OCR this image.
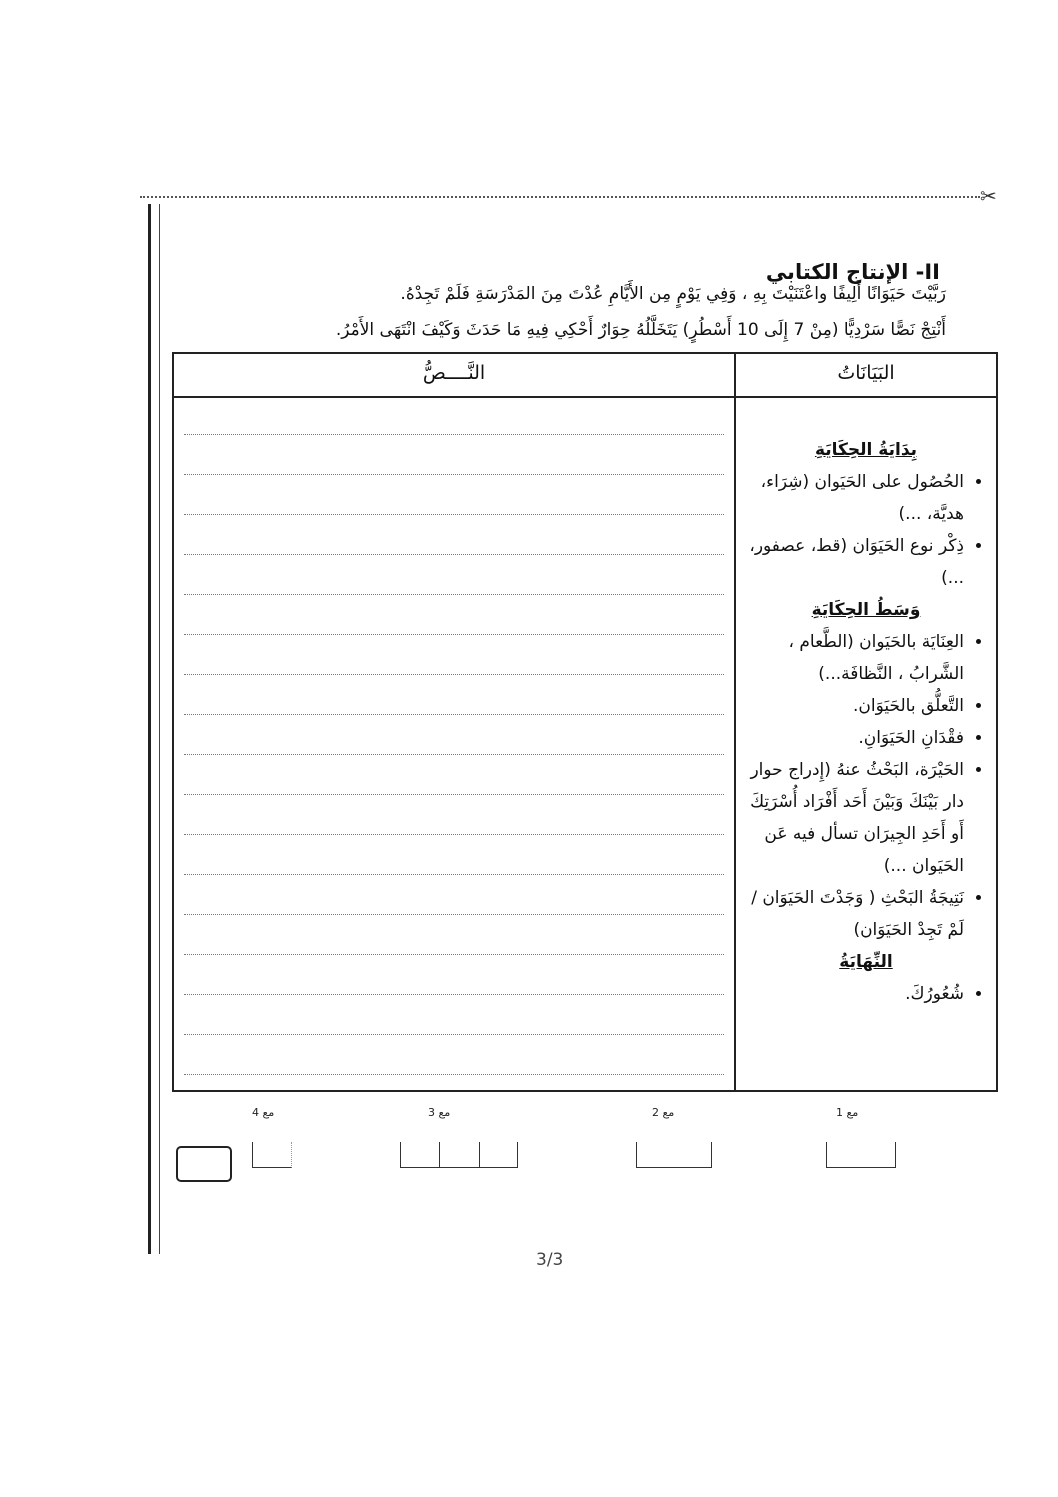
✂
II- الإنتاج الكتابي
رَبَّيْتَ حَيَوَانًا أَلِيفًا واعْتَنَيْتَ بِهِ ، وَفِي يَوْمٍ مِن الأَيَّامِ عُدْتَ مِنَ المَدْرَسَةِ فَلَمْ تَجِدْهُ.
أَنْتِجْ نَصًّا سَرْدِيًّا (مِنْ 7 إِلَى 10 أَسْطُرٍ) يَتَخَلَّلُهُ حِوَارٌ أَحْكِي فِيهِ مَا حَدَثَ وَكَيْفَ انْتَهَى الأَمْرُ.
النَّــــصُّ	البَيَانَاتُ
بِدَايَةُ الحِكَايَةِ
• الحُصُول على الحَيَوان (شِرَاء، هديَّة، ...)
• ذِكْر نوع الحَيَوَان (قط، عصفور، ...)
وَسَطُ الحِكَايَةِ
• العِنَايَة بالحَيَوان (الطَّعام ، الشَّرابُ ، النَّظافَة...)
• التَّعلُّق بالحَيَوَان.
• فقْدَانِ الحَيَوَانِ.
• الحَيْرَة، البَحْثُ عنهُ (إِدراج حوار دار بَيْنَكَ وَبَيْنَ أَحَد أَفْرَاد أُسْرَتِكَ أَو أَحَدِ الجِيرَان تسأل فيه عَن الحَيَوان ...)
• نَتِيجَةُ البَحْثِ ( وَجَدْتَ الحَيَوَان / لَمْ تَجِدْ الحَيَوَان)
النِّهَايَةُ
• شُعُورُكَ.
مع 1
مع 2
مع 3
مع 4
3/3
